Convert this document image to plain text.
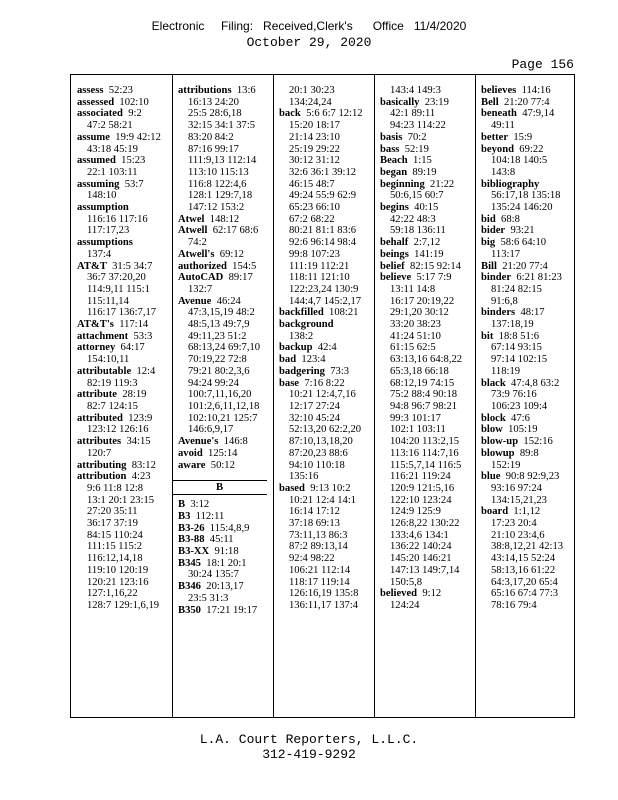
Electronic     Filing:   Received,Clerk's      Office   11/4/2020
October 29, 2020
Page 156
assess 52:23
assessed 102:10
associated 9:2
47:2 58:21
assume 19:9 42:12
43:18 45:19
assumed 15:23
22:1 103:11
assuming 53:7
148:10
assumption
116:16 117:16
117:17,23
assumptions
137:4
AT&T 31:5 34:7
36:7 37:20,20
114:9,11 115:1
115:11,14
116:17 136:7,17
AT&T's 117:14
attachment 53:3
attorney 64:17
154:10,11
attributable 12:4
82:19 119:3
attribute 28:19
82:7 124:15
attributed 123:9
123:12 126:16
attributes 34:15
120:7
attributing 83:12
attribution 4:23
9:6 11:8 12:8
13:1 20:1 23:15
27:20 35:11
36:17 37:19
84:15 110:24
111:15 115:2
116:12,14,18
119:10 120:19
120:21 123:16
127:1,16,22
128:7 129:1,6,19
attributions 13:6
16:13 24:20
25:5 28:6,18
32:15 34:1 37:5
83:20 84:2
87:16 99:17
111:9,13 112:14
113:10 115:13
116:8 122:4,6
128:1 129:7,18
147:12 153:2
Atwel 148:12
Atwell 62:17 68:6
74:2
Atwell's 69:12
authorized 154:5
AutoCAD 89:17
132:7
Avenue 46:24
47:3,15,19 48:2
48:5,13 49:7,9
49:11,23 51:2
68:13,24 69:7,10
70:19,22 72:8
79:21 80:2,3,6
94:24 99:24
100:7,11,16,20
101:2,6,11,12,18
102:10,21 125:7
146:6,9,17
Avenue's 146:8
avoid 125:14
aware 50:12
B
B 3:12
B3 112:11
B3-26 115:4,8,9
B3-88 45:11
B3-XX 91:18
B345 18:1 20:1
30:24 135:7
B346 20:13,17
23:5 31:3
B350 17:21 19:17
20:1 30:23
134:24,24
back 5:6 6:7 12:12
15:20 18:17
21:14 23:10
25:19 29:22
30:12 31:12
32:6 36:1 39:12
46:15 48:7
49:24 55:9 62:9
65:23 66:10
67:2 68:22
80:21 81:1 83:6
92:6 96:14 98:4
99:8 107:23
111:19 112:21
118:11 121:10
122:23,24 130:9
144:4,7 145:2,17
backfilled 108:21
background
138:2
backup 42:4
bad 123:4
badgering 73:3
base 7:16 8:22
10:21 12:4,7,16
12:17 27:24
32:10 45:24
52:13,20 62:2,20
87:10,13,18,20
87:20,23 88:6
94:10 110:18
135:16
based 9:13 10:2
10:21 12:4 14:1
16:14 17:12
37:18 69:13
73:11,13 86:3
87:2 89:13,14
92:4 98:22
106:21 112:14
118:17 119:14
126:16,19 135:8
136:11,17 137:4
143:4 149:3
basically 23:19
42:1 89:11
94:23 114:22
basis 70:2
bass 52:19
Beach 1:15
began 89:19
beginning 21:22
50:6,15 60:7
begins 40:15
42:22 48:3
59:18 136:11
behalf 2:7,12
beings 141:19
belief 82:15 92:14
believe 5:17 7:9
13:11 14:8
16:17 20:19,22
29:1,20 30:12
33:20 38:23
41:24 51:10
61:15 62:5
63:13,16 64:8,22
65:3,18 66:18
68:12,19 74:15
75:2 88:4 90:18
94:8 96:7 98:21
99:3 101:17
102:1 103:11
104:20 113:2,15
113:16 114:7,16
115:5,7,14 116:5
116:21 119:24
120:9 121:5,16
122:10 123:24
124:9 125:9
126:8,22 130:22
133:4,6 134:1
136:22 140:24
145:20 146:21
147:13 149:7,14
150:5,8
believed 9:12
124:24
believes 114:16
Bell 21:20 77:4
beneath 47:9,14
49:11
better 15:9
beyond 69:22
104:18 140:5
143:8
bibliography
56:17,18 135:18
135:24 146:20
bid 68:8
bider 93:21
big 58:6 64:10
113:17
Bill 21:20 77:4
binder 6:21 81:23
81:24 82:15
91:6,8
binders 48:17
137:18,19
bit 18:8 51:6
67:14 93:15
97:14 102:15
118:19
black 47:4,8 63:2
73:9 76:16
106:23 109:4
block 47:6
blow 105:19
blow-up 152:16
blowup 89:8
152:19
blue 90:8 92:9,23
93:16 97:24
134:15,21,23
board 1:1,12
17:23 20:4
21:10 23:4,6
38:8,12,21 42:13
43:14,15 52:24
58:13,16 61:22
64:3,17,20 65:4
65:16 67:4 77:3
78:16 79:4
L.A. Court Reporters, L.L.C.
312-419-9292
